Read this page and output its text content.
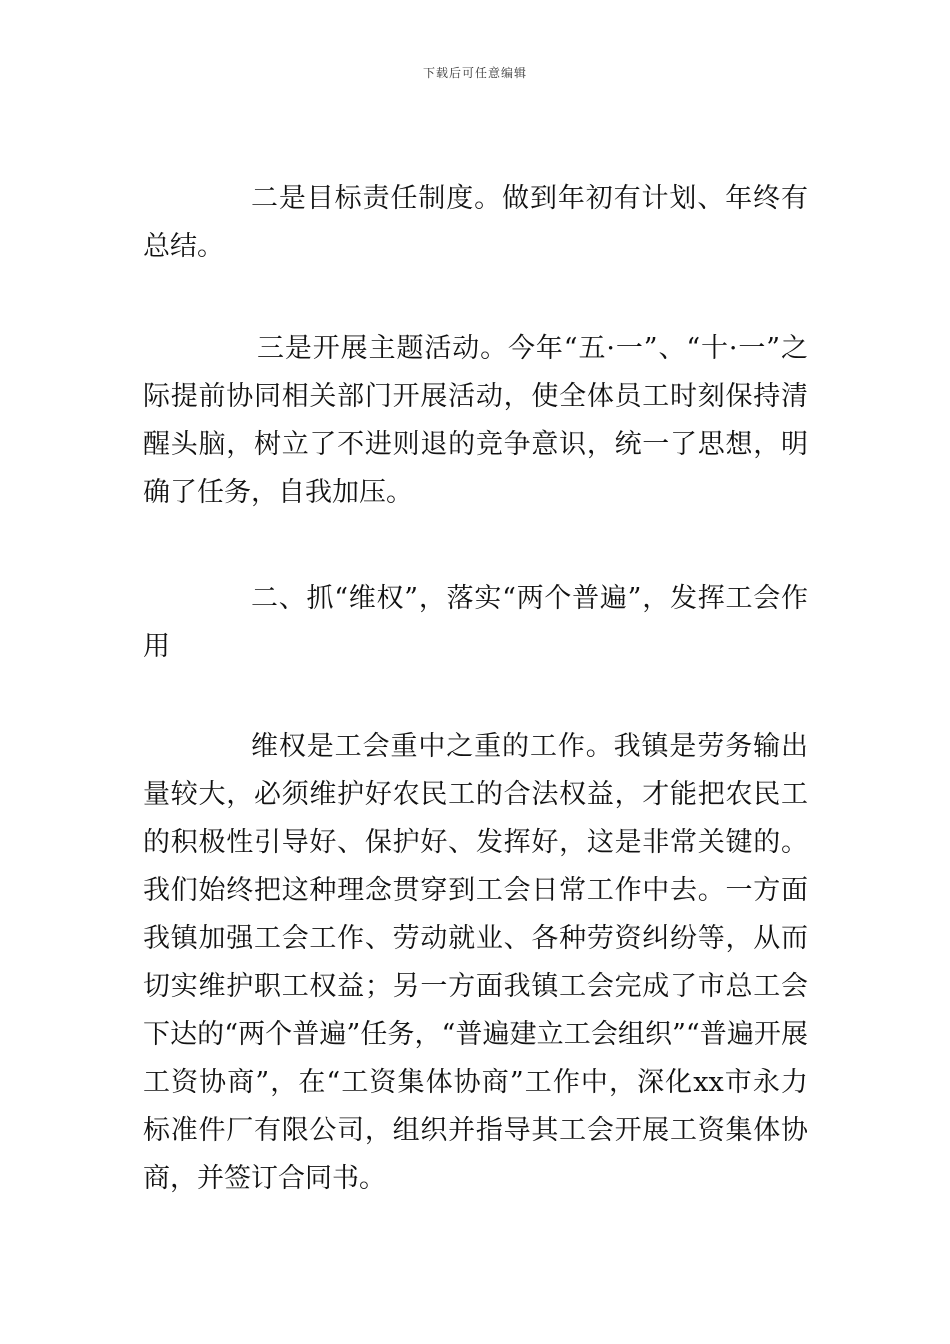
下载后可任意编辑

二是目标责任制度。做到年初有计划、年终有总结。

三是开展主题活动。今年“五·一”、“十·一”之际提前协同相关部门开展活动，使全体员工时刻保持清醒头脑，树立了不进则退的竞争意识，统一了思想，明确了任务，自我加压。

二、抓“维权”，落实“两个普遍”，发挥工会作用

维权是工会重中之重的工作。我镇是劳务输出量较大，必须维护好农民工的合法权益，才能把农民工的积极性引导好、保护好、发挥好，这是非常关键的。我们始终把这种理念贯穿到工会日常工作中去。一方面我镇加强工会工作、劳动就业、各种劳资纠纷等，从而切实维护职工权益；另一方面我镇工会完成了市总工会下达的“两个普遍”任务，“普遍建立工会组织”“普遍开展工资协商”，在“工资集体协商”工作中，深化xx市永力标准件厂有限公司，组织并指导其工会开展工资集体协商，并签订合同书。
